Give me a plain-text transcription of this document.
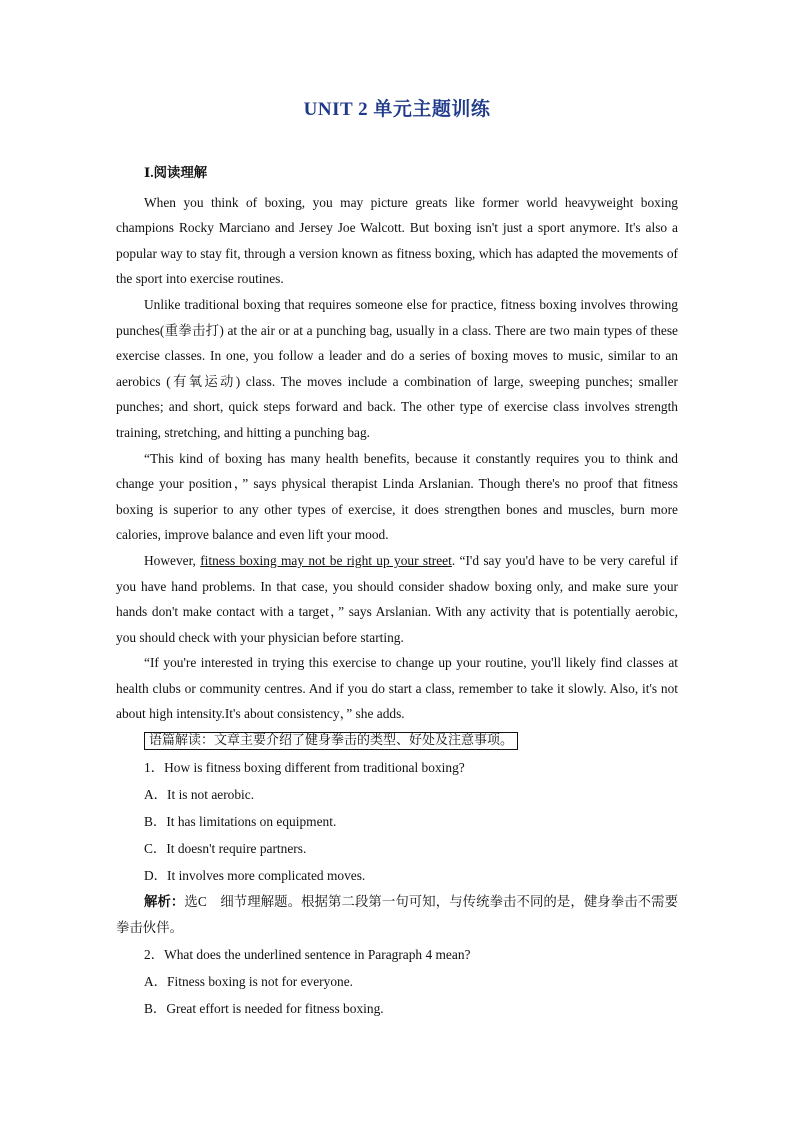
UNIT 2 单元主题训练

Ⅰ.阅读理解

When you think of boxing, you may picture greats like former world heavyweight boxing champions Rocky Marciano and Jersey Joe Walcott. But boxing isn't just a sport anymore. It's also a popular way to stay fit, through a version known as fitness boxing, which has adapted the movements of the sport into exercise routines.

Unlike traditional boxing that requires someone else for practice, fitness boxing involves throwing punches(重拳击打) at the air or at a punching bag, usually in a class. There are two main types of these exercise classes. In one, you follow a leader and do a series of boxing moves to music, similar to an aerobics (有氧运动) class. The moves include a combination of large, sweeping punches; smaller punches; and short, quick steps forward and back. The other type of exercise class involves strength training, stretching, and hitting a punching bag.

“This kind of boxing has many health benefits, because it constantly requires you to think and change your position，” says physical therapist Linda Arslanian. Though there's no proof that fitness boxing is superior to any other types of exercise, it does strengthen bones and muscles, burn more calories, improve balance and even lift your mood.

However, fitness boxing may not be right up your street. “I'd say you'd have to be very careful if you have hand problems. In that case, you should consider shadow boxing only, and make sure your hands don't make contact with a target，” says Arslanian. With any activity that is potentially aerobic, you should check with your physician before starting.

“If you're interested in trying this exercise to change up your routine, you'll likely find classes at health clubs or community centres. And if you do start a class, remember to take it slowly. Also, it's not about high intensity.It's about consistency，” she adds.

语篇解读：文章主要介绍了健身拳击的类型、好处及注意事项。

1．How is fitness boxing different from traditional boxing?

A．It is not aerobic.

B．It has limitations on equipment.

C．It doesn't require partners.

D．It involves more complicated moves.

解析：选C　细节理解题。根据第二段第一句可知，与传统拳击不同的是，健身拳击不需要拳击伙伴。

2．What does the underlined sentence in Paragraph 4 mean?

A．Fitness boxing is not for everyone.

B．Great effort is needed for fitness boxing.
